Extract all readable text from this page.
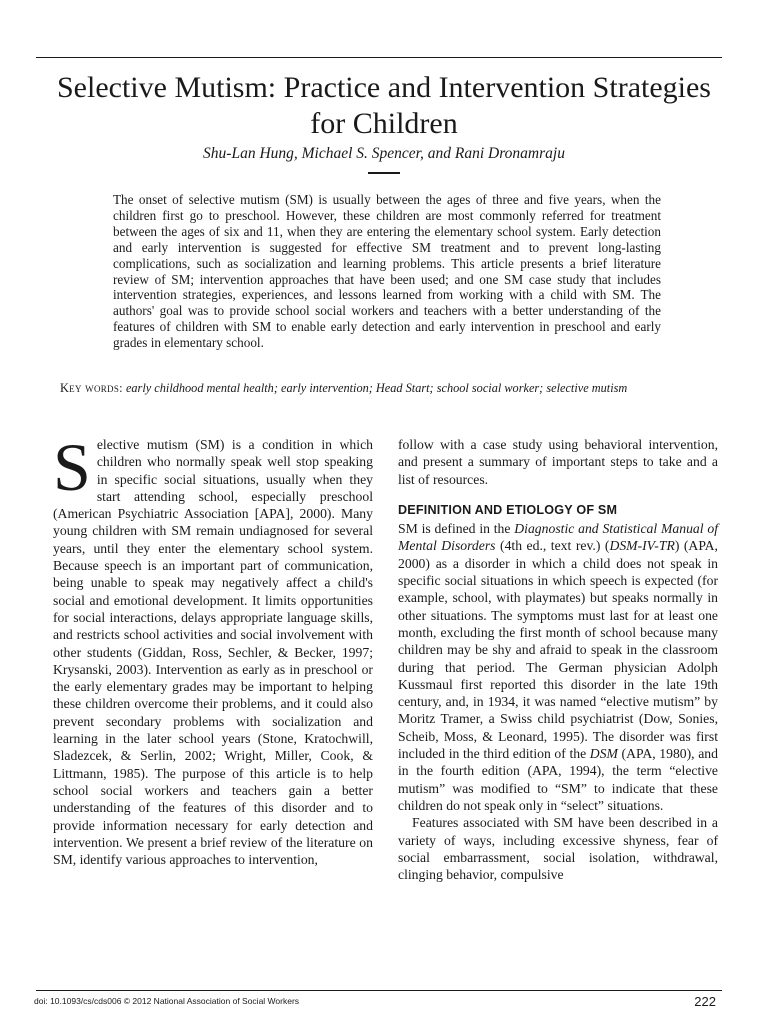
Selective Mutism: Practice and Intervention Strategies for Children
Shu-Lan Hung, Michael S. Spencer, and Rani Dronamraju

The onset of selective mutism (SM) is usually between the ages of three and five years, when the children first go to preschool. However, these children are most commonly referred for treatment between the ages of six and 11, when they are entering the elementary school system. Early detection and early intervention is suggested for effective SM treatment and to prevent long-lasting complications, such as socialization and learning problems. This article presents a brief literature review of SM; intervention approaches that have been used; and one SM case study that includes intervention strategies, experiences, and lessons learned from working with a child with SM. The authors' goal was to provide school social workers and teachers with a better understanding of the features of children with SM to enable early detection and early intervention in preschool and early grades in elementary school.

Key words: early childhood mental health; early intervention; Head Start; school social worker; selective mutism

Selective mutism (SM) is a condition in which children who normally speak well stop speaking in specific social situations, usually when they start attending school, especially preschool (American Psychiatric Association [APA], 2000). Many young children with SM remain undiagnosed for several years, until they enter the elementary school system. Because speech is an important part of communication, being unable to speak may negatively affect a child's social and emotional development. It limits opportunities for social interactions, delays appropriate language skills, and restricts school activities and social involvement with other students (Giddan, Ross, Sechler, & Becker, 1997; Krysanski, 2003). Intervention as early as in preschool or the early elementary grades may be important to helping these children overcome their problems, and it could also prevent secondary problems with socialization and learning in the later school years (Stone, Kratochwill, Sladezcek, & Serlin, 2002; Wright, Miller, Cook, & Littmann, 1985). The purpose of this article is to help school social workers and teachers gain a better understanding of the features of this disorder and to provide information necessary for early detection and intervention. We present a brief review of the literature on SM, identify various approaches to intervention,

follow with a case study using behavioral intervention, and present a summary of important steps to take and a list of resources.

DEFINITION AND ETIOLOGY OF SM

SM is defined in the Diagnostic and Statistical Manual of Mental Disorders (4th ed., text rev.) (DSM-IV-TR) (APA, 2000) as a disorder in which a child does not speak in specific social situations in which speech is expected (for example, school, with playmates) but speaks normally in other situations. The symptoms must last for at least one month, excluding the first month of school because many children may be shy and afraid to speak in the classroom during that period. The German physician Adolph Kussmaul first reported this disorder in the late 19th century, and, in 1934, it was named “elective mutism” by Moritz Tramer, a Swiss child psychiatrist (Dow, Sonies, Scheib, Moss, & Leonard, 1995). The disorder was first included in the third edition of the DSM (APA, 1980), and in the fourth edition (APA, 1994), the term “elective mutism” was modified to “SM” to indicate that these children do not speak only in “select” situations.

Features associated with SM have been described in a variety of ways, including excessive shyness, fear of social embarrassment, social isolation, withdrawal, clinging behavior, compulsive

doi: 10.1093/cs/cds006 © 2012 National Association of Social Workers	222
